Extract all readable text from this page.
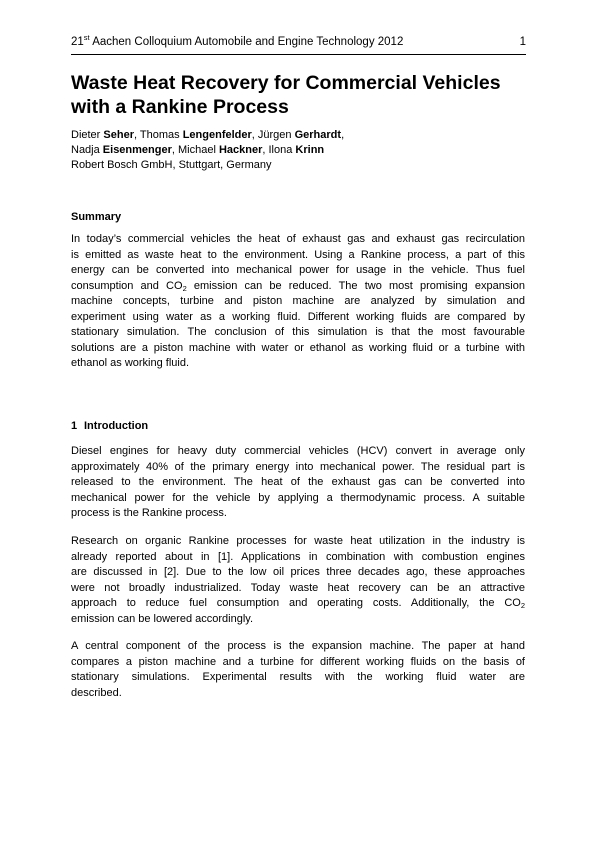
21st Aachen Colloquium Automobile and Engine Technology 2012	1
Waste Heat Recovery for Commercial Vehicles
with a Rankine Process
Dieter Seher, Thomas Lengenfelder, Jürgen Gerhardt,
Nadja Eisenmenger, Michael Hackner, Ilona Krinn
Robert Bosch GmbH, Stuttgart, Germany
Summary
In today’s commercial vehicles the heat of exhaust gas and exhaust gas recirculation
is emitted as waste heat to the environment. Using a Rankine process, a part of this
energy can be converted into mechanical power for usage in the vehicle. Thus fuel
consumption and $CO_2$ emission can be reduced. The two most promising expansion
machine concepts, turbine and piston machine are analyzed by simulation and
experiment using water as a working fluid. Different working fluids are compared by
stationary simulation. The conclusion of this simulation is that the most favourable
solutions are a piston machine with water or ethanol as working fluid or a turbine with
ethanol as working fluid.
1 Introduction
Diesel engines for heavy duty commercial vehicles (HCV) convert in average only
approximately 40% of the primary energy into mechanical power. The residual part is
released to the environment. The heat of the exhaust gas can be converted into
mechanical power for the vehicle by applying a thermodynamic process. A suitable
process is the Rankine process.
Research on organic Rankine processes for waste heat utilization in the industry is
already reported about in [1]. Applications in combination with combustion engines
are discussed in [2]. Due to the low oil prices three decades ago, these approaches
were not broadly industrialized. Today waste heat recovery can be an attractive
approach to reduce fuel consumption and operating costs. Additionally, the $CO_2$
emission can be lowered accordingly.
A central component of the process is the expansion machine. The paper at hand
compares a piston machine and a turbine for different working fluids on the basis of
stationary simulations. Experimental results with the working fluid water are
described.
